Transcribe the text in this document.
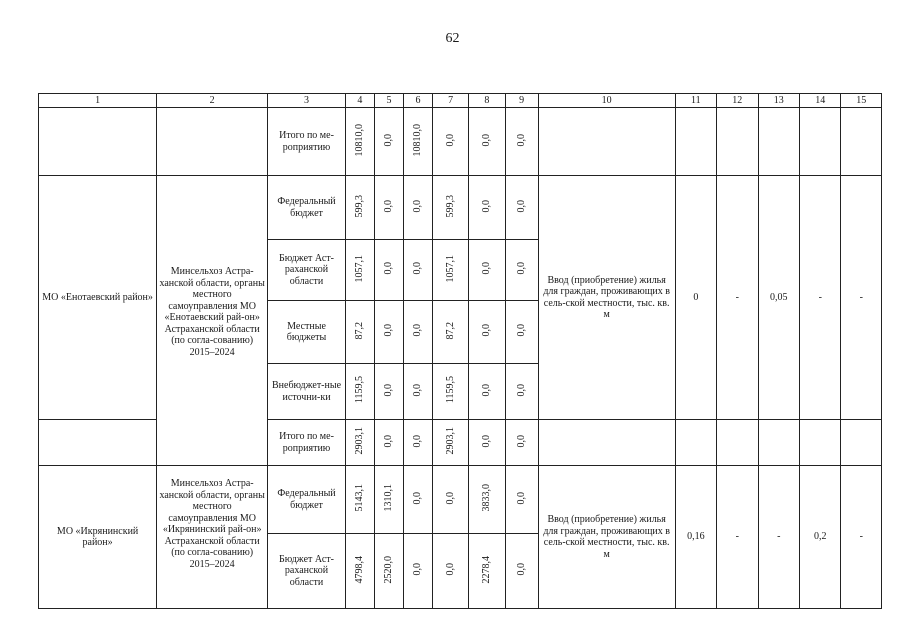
62
1	2	3	4	5	6	7	8	9	10	11	12	13	14	15
		Итого по ме-роприятию	10810,0	0,0	10810,0	0,0	0,0	0,0						
МО «Енотаевский район»	Минсельхоз Астра-ханской области, органы местного самоуправления МО «Енотаевский рай-он» Астраханской области (по согла-сованию) 2015–2024	Федеральный бюджет	599,3	0,0	0,0	599,3	0,0	0,0	Ввод (приобретение) жилья для граждан, проживающих в сель-ской местности, тыс. кв. м	0	-	0,05	-	-
		Бюджет Аст-раханской области	1057,1	0,0	0,0	1057,1	0,0	0,0						
		Местные бюджеты	87,2	0,0	0,0	87,2	0,0	0,0						
		Внебюджет-ные источни-ки	1159,5	0,0	0,0	1159,5	0,0	0,0						
		Итого по ме-роприятию	2903,1	0,0	0,0	2903,1	0,0	0,0						
МО «Икрянинский район»	Минсельхоз Астра-ханской области, органы местного самоуправления МО «Икрянинский рай-он» Астраханской области (по согла-сованию) 2015–2024	Федеральный бюджет	5143,1	1310,1	0,0	0,0	3833,0	0,0	Ввод (приобретение) жилья для граждан, проживающих в сель-ской местности, тыс. кв. м	0,16	-	-	0,2	-
		Бюджет Аст-раханской области	4798,4	2520,0	0,0	0,0	2278,4	0,0						
